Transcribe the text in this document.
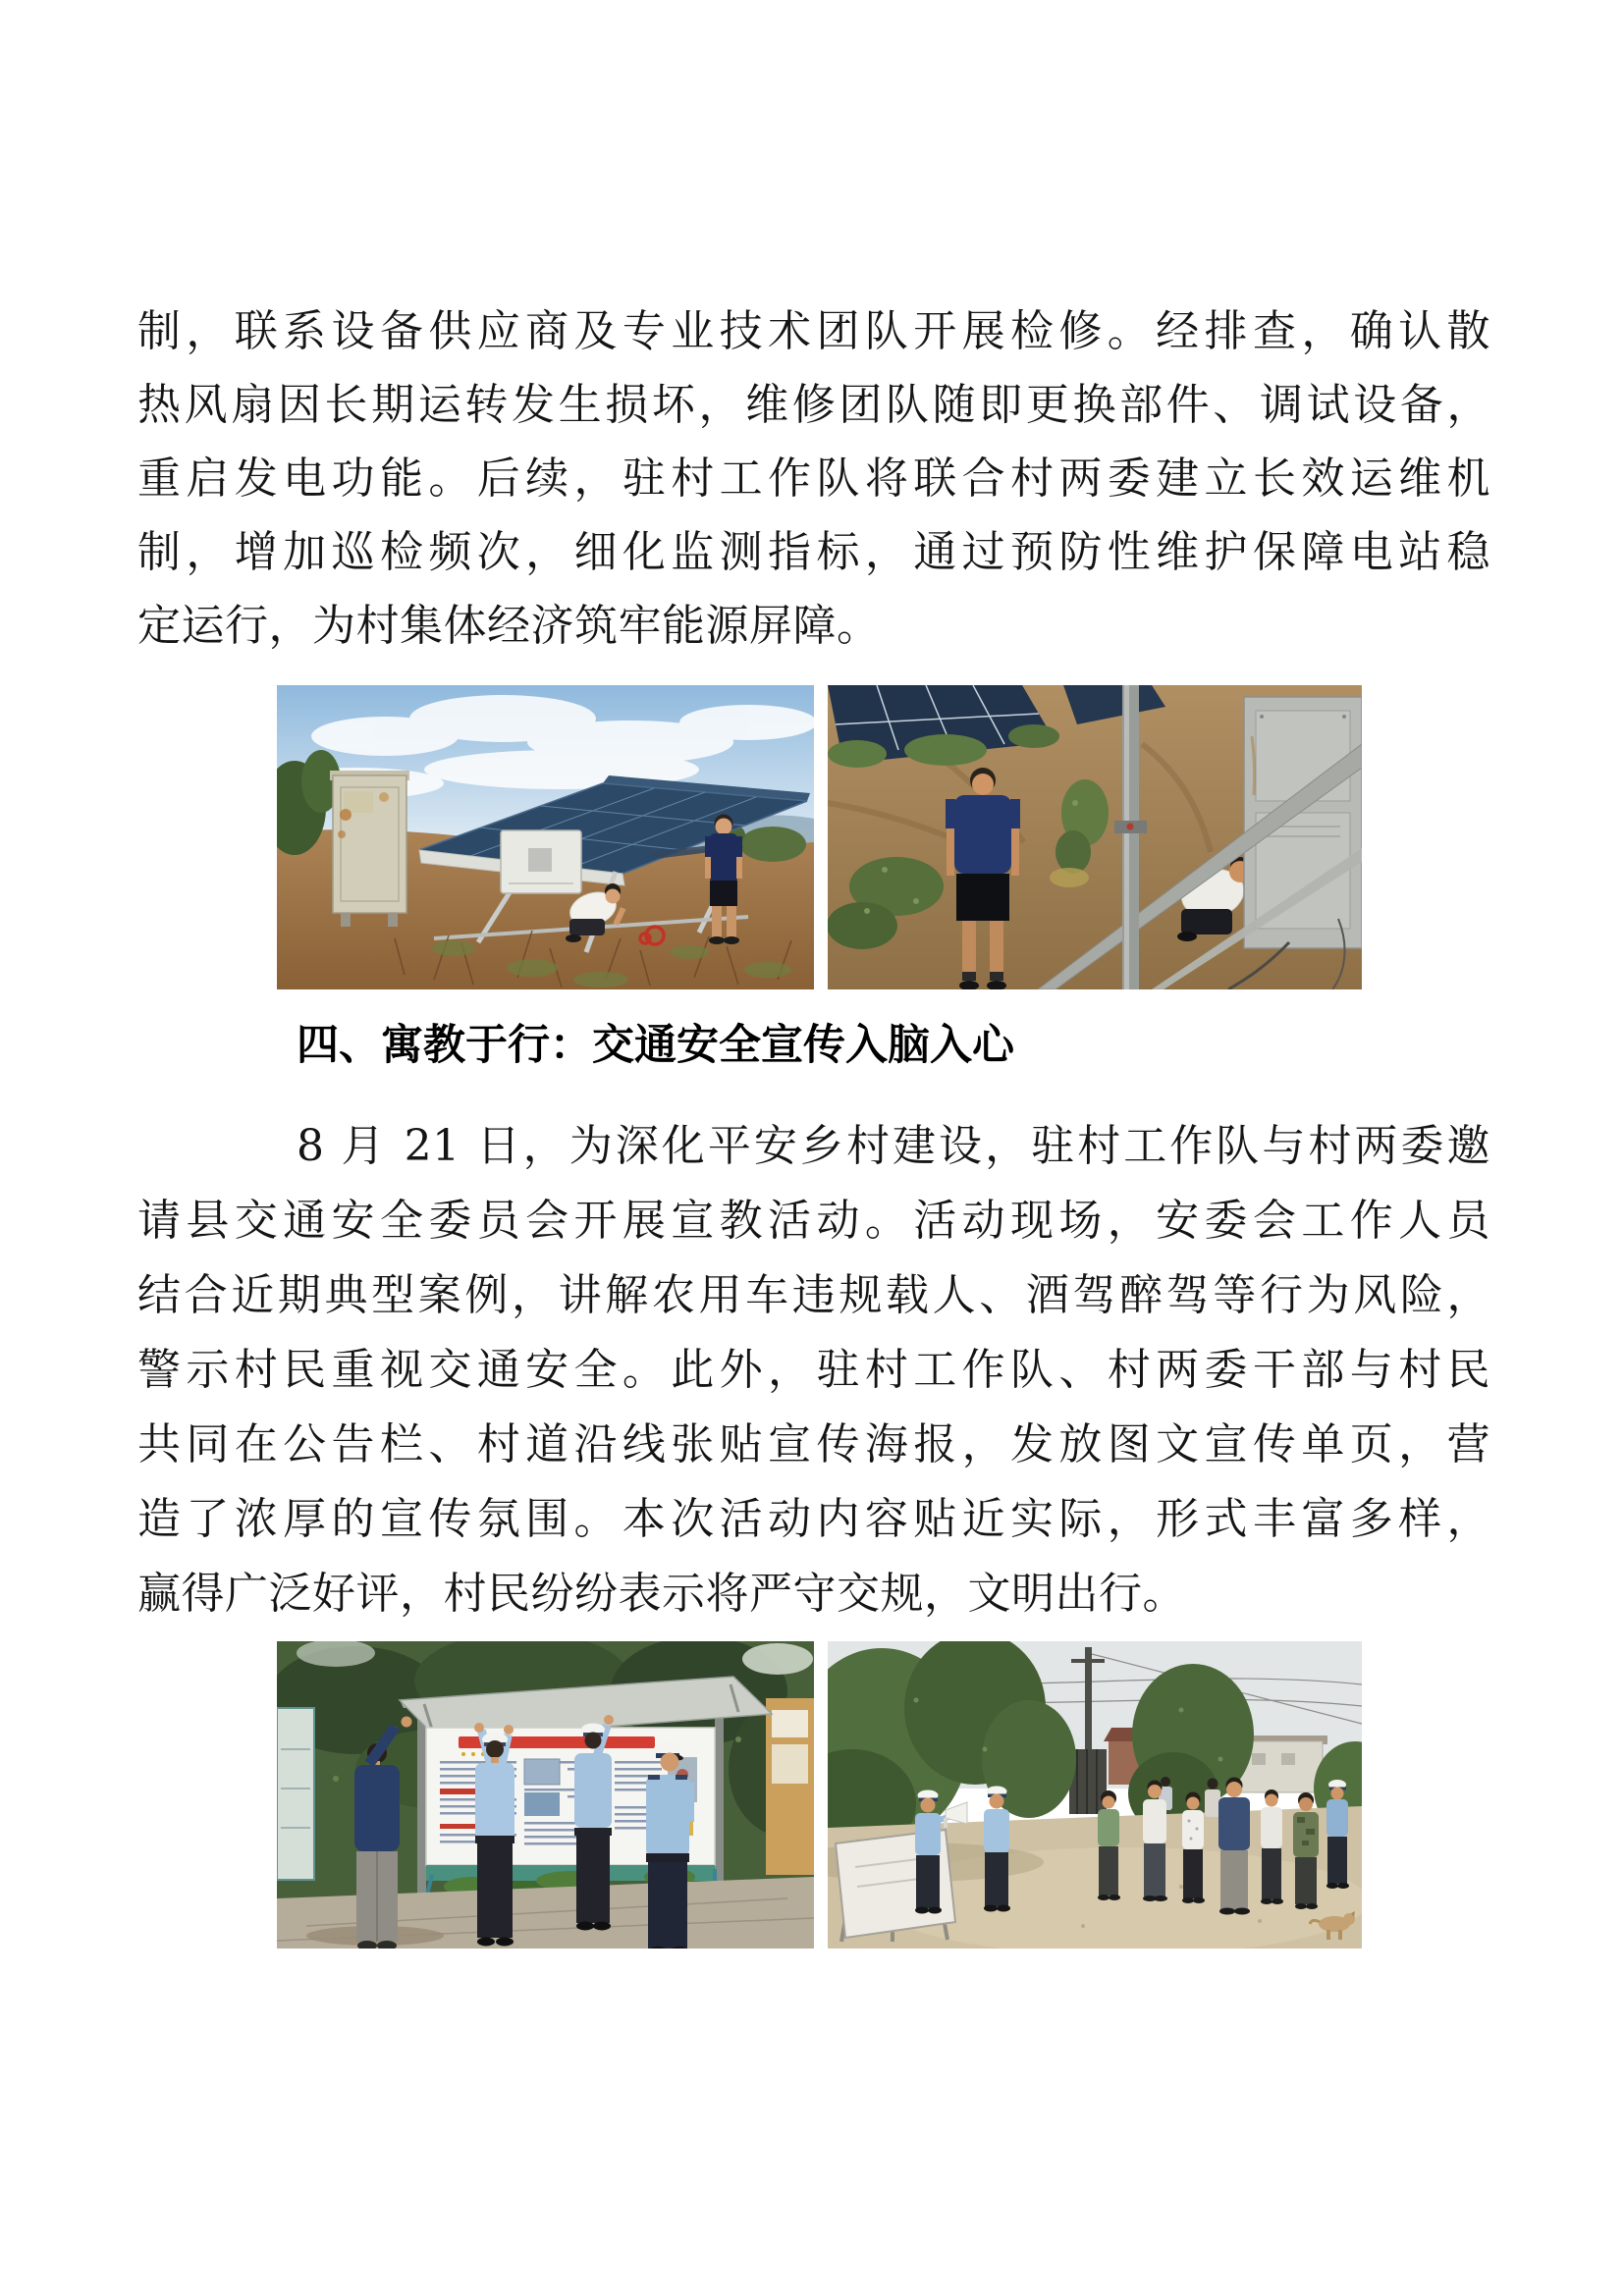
制，联系设备供应商及专业技术团队开展检修。经排查，确认散
热风扇因长期运转发生损坏，维修团队随即更换部件、调试设备，
重启发电功能。后续，驻村工作队将联合村两委建立长效运维机
制，增加巡检频次，细化监测指标，通过预防性维护保障电站稳
定运行，为村集体经济筑牢能源屏障。
四、寓教于行：交通安全宣传入脑入心
8 月 21 日，为深化平安乡村建设，驻村工作队与村两委邀
请县交通安全委员会开展宣教活动。活动现场，安委会工作人员
结合近期典型案例，讲解农用车违规载人、酒驾醉驾等行为风险，
警示村民重视交通安全。此外，驻村工作队、村两委干部与村民
共同在公告栏、村道沿线张贴宣传海报，发放图文宣传单页，营
造了浓厚的宣传氛围。本次活动内容贴近实际，形式丰富多样，
赢得广泛好评，村民纷纷表示将严守交规，文明出行。
